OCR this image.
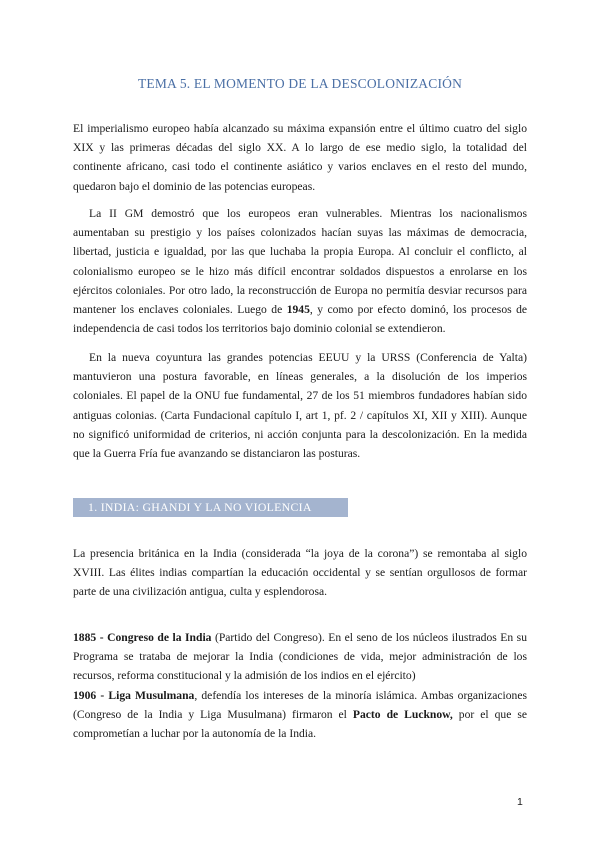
TEMA 5. EL MOMENTO DE LA DESCOLONIZACIÓN
El imperialismo europeo había alcanzado su máxima expansión entre el último cuatro del siglo XIX y las primeras décadas del siglo XX. A lo largo de ese medio siglo, la totalidad del continente africano, casi todo el continente asiático y varios enclaves en el resto del mundo, quedaron bajo el dominio de las potencias europeas.
La II GM demostró que los europeos eran vulnerables. Mientras los nacionalismos aumentaban su prestigio y los países colonizados hacían suyas las máximas de democracia, libertad, justicia e igualdad, por las que luchaba la propia Europa. Al concluir el conflicto, al colonialismo europeo se le hizo más difícil encontrar soldados dispuestos a enrolarse en los ejércitos coloniales. Por otro lado, la reconstrucción de Europa no permitía desviar recursos para mantener los enclaves coloniales. Luego de 1945, y como por efecto dominó, los procesos de independencia de casi todos los territorios bajo dominio colonial se extendieron.
En la nueva coyuntura las grandes potencias EEUU y la URSS (Conferencia de Yalta) mantuvieron una postura favorable, en líneas generales, a la disolución de los imperios coloniales. El papel de la ONU fue fundamental, 27 de los 51 miembros fundadores habían sido antiguas colonias. (Carta Fundacional capítulo I, art 1, pf. 2 / capítulos XI, XII y XIII). Aunque no significó uniformidad de criterios, ni acción conjunta para la descolonización. En la medida que la Guerra Fría fue avanzando se distanciaron las posturas.
1. INDIA: GHANDI Y LA NO VIOLENCIA
La presencia británica en la India (considerada “la joya de la corona”) se remontaba al siglo XVIII. Las élites indias compartían la educación occidental y se sentían orgullosos de formar parte de una civilización antigua, culta y esplendorosa.
1885 - Congreso de la India (Partido del Congreso). En el seno de los núcleos ilustrados En su Programa se trataba de mejorar la India (condiciones de vida, mejor administración de los recursos, reforma constitucional y la admisión de los indios en el ejército)
1906 - Liga Musulmana, defendía los intereses de la minoría islámica. Ambas organizaciones (Congreso de la India y Liga Musulmana) firmaron el Pacto de Lucknow, por el que se comprometían a luchar por la autonomía de la India.
1
